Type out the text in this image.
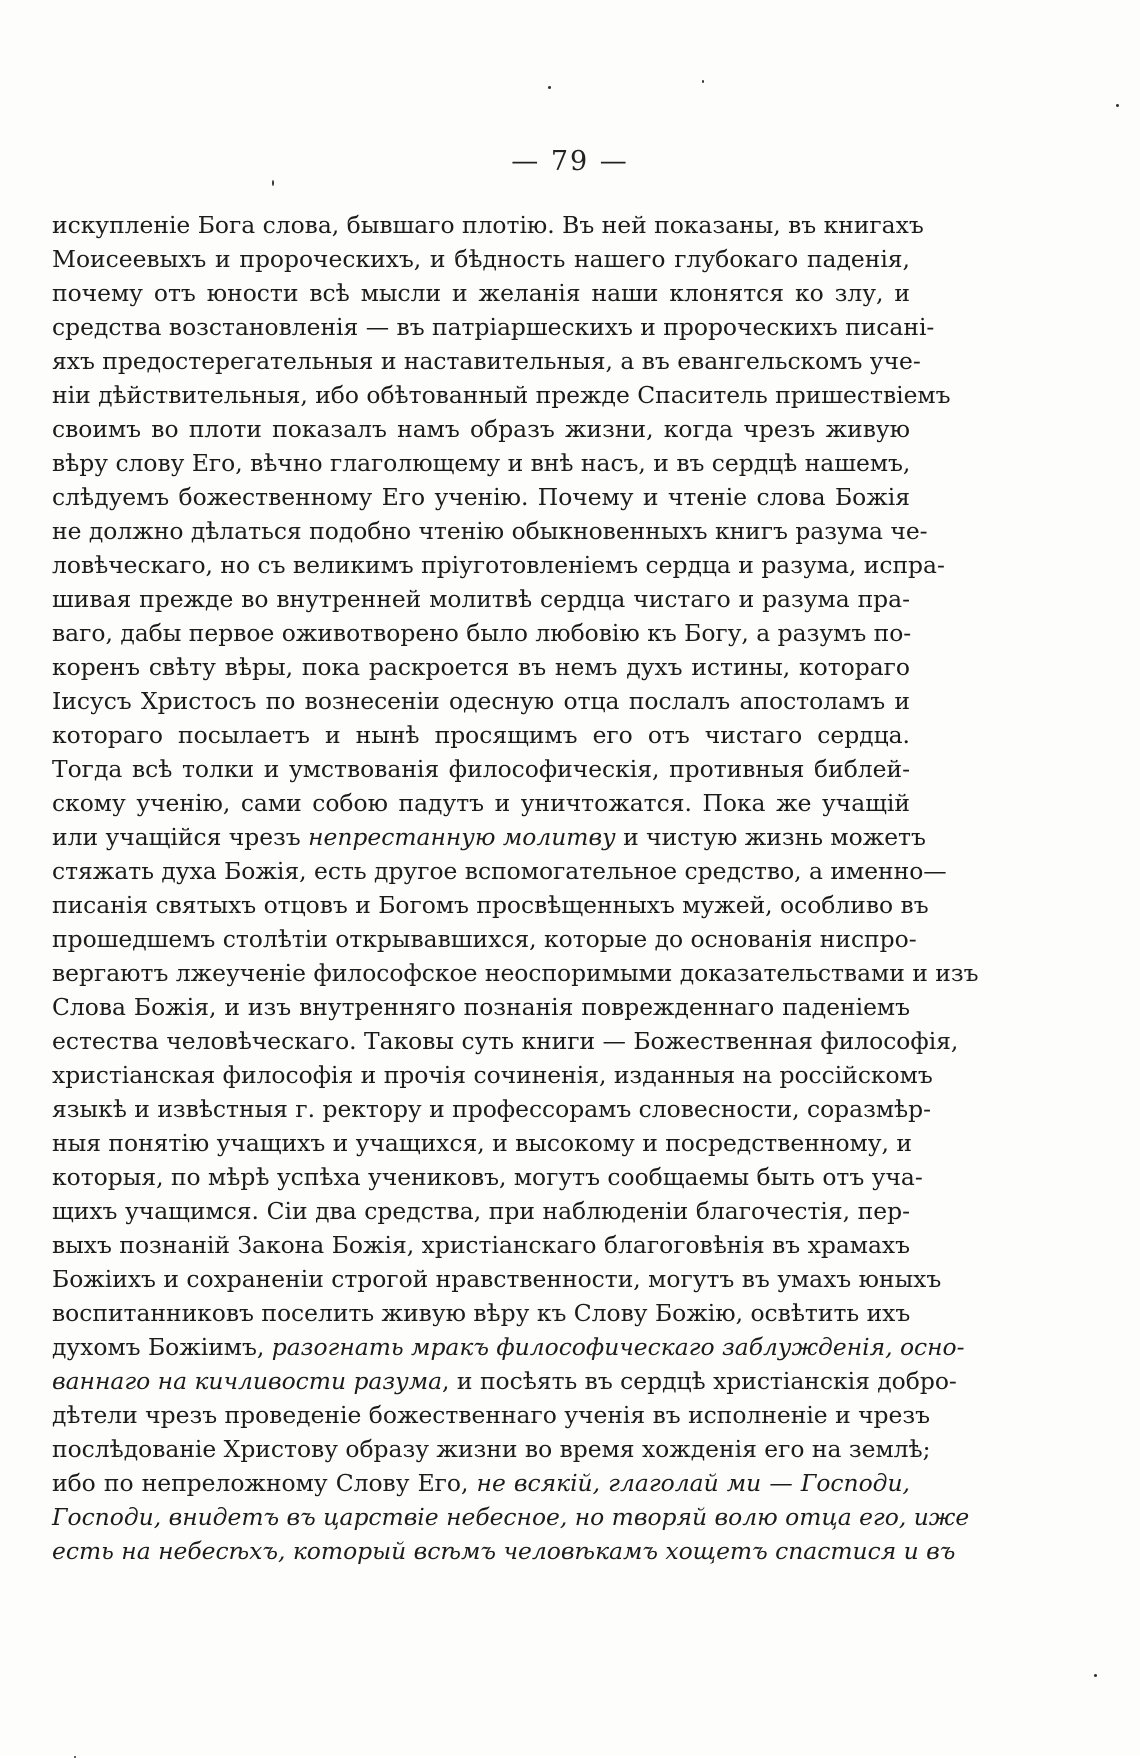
— 79 —
искупленіе Бога слова, бывшаго плотію. Въ ней показаны, въ книгахъ
Моисеевыхъ и пророческихъ, и бѣдность нашего глубокаго паденія,
почему отъ юности всѣ мысли и желанія наши клонятся ко злу, и
средства возстановленія — въ патріаршескихъ и пророческихъ писані-
яхъ предостерегательныя и наставительныя, а въ евангельскомъ уче-
ніи дѣйствительныя, ибо обѣтованный прежде Спаситель пришествіемъ
своимъ во плоти показалъ намъ образъ жизни, когда чрезъ живую
вѣру слову Его, вѣчно глаголющему и внѣ насъ, и въ сердцѣ нашемъ,
слѣдуемъ божественному Его ученію. Почему и чтеніе слова Божія
не должно дѣлаться подобно чтенію обыкновенныхъ книгъ разума че-
ловѣческаго, но съ великимъ пріуготовленіемъ сердца и разума, испра-
шивая прежде во внутренней молитвѣ сердца чистаго и разума пра-
ваго, дабы первое оживотворено было любовію къ Богу, а разумъ по-
коренъ свѣту вѣры, пока раскроется въ немъ духъ истины, котораго
Іисусъ Христосъ по вознесеніи одесную отца послалъ апостоламъ и
котораго посылаетъ и нынѣ просящимъ его отъ чистаго сердца.
Тогда всѣ толки и умствованія философическія, противныя библей-
скому ученію, сами собою падутъ и уничтожатся. Пока же учащій
или учащійся чрезъ непрестанную молитву и чистую жизнь можетъ
стяжать духа Божія, есть другое вспомогательное средство, а именно—
писанія святыхъ отцовъ и Богомъ просвѣщенныхъ мужей, особливо въ
прошедшемъ столѣтіи открывавшихся, которые до основанія ниспро-
вергаютъ лжеученіе философское неоспоримыми доказательствами и изъ
Слова Божія, и изъ внутренняго познанія поврежденнаго паденіемъ
естества человѣческаго. Таковы суть книги — Божественная философія,
христіанская философія и прочія сочиненія, изданныя на россійскомъ
языкѣ и извѣстныя г. ректору и профессорамъ словесности, соразмѣр-
ныя понятію учащихъ и учащихся, и высокому и посредственному, и
которыя, по мѣрѣ успѣха учениковъ, могутъ сообщаемы быть отъ уча-
щихъ учащимся. Сіи два средства, при наблюденіи благочестія, пер-
выхъ познаній Закона Божія, христіанскаго благоговѣнія въ храмахъ
Божіихъ и сохраненіи строгой нравственности, могутъ въ умахъ юныхъ
воспитанниковъ поселить живую вѣру къ Слову Божію, освѣтить ихъ
духомъ Божіимъ, разогнать мракъ философическаго заблужденія, осно-
ваннаго на кичливости разума, и посѣять въ сердцѣ христіанскія добро-
дѣтели чрезъ проведеніе божественнаго ученія въ исполненіе и чрезъ
послѣдованіе Христову образу жизни во время хожденія его на землѣ;
ибо по непреложному Слову Его, не всякій, глаголай ми — Господи,
Господи, внидетъ въ царствіе небесное, но творяй волю отца его, иже
есть на небесѣхъ, который всѣмъ человѣкамъ хощетъ спастися и въ
